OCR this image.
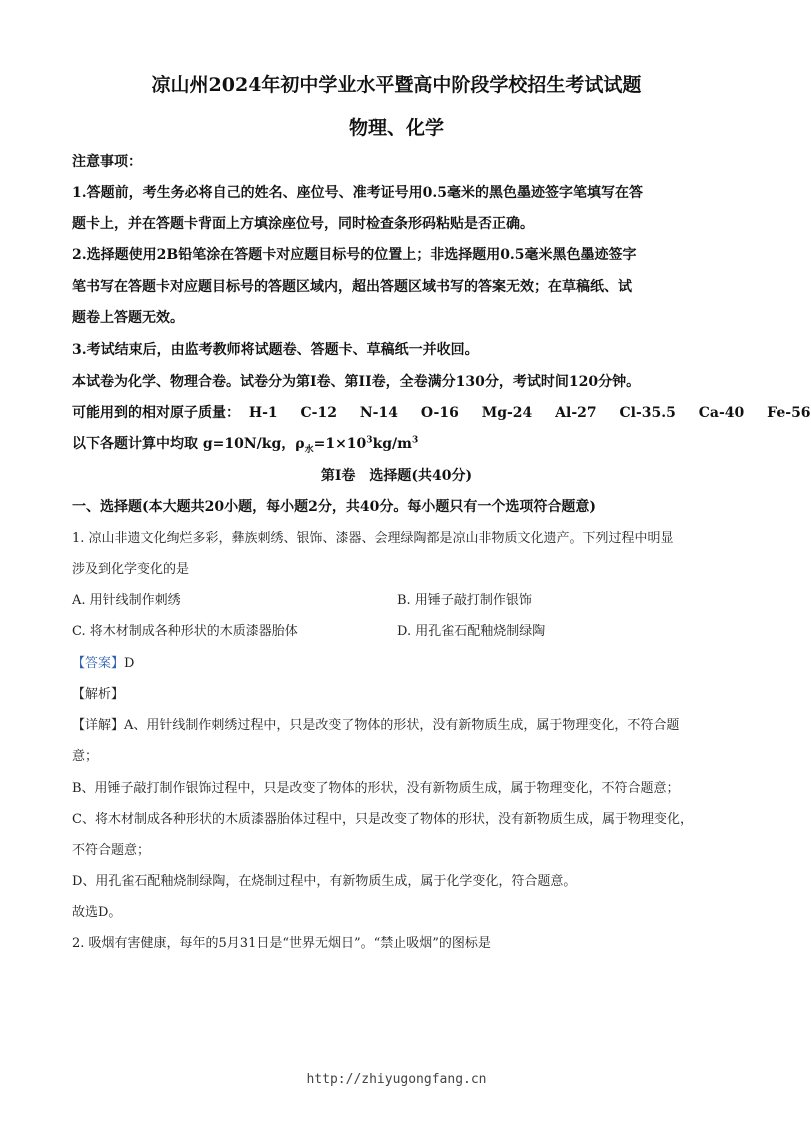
凉山州2024年初中学业水平暨高中阶段学校招生考试试题
物理、化学
注意事项：
1.答题前，考生务必将自己的姓名、座位号、准考证号用0.5毫米的黑色墨迹签字笔填写在答
题卡上，并在答题卡背面上方填涂座位号，同时检查条形码粘贴是否正确。
2.选择题使用2B铅笔涂在答题卡对应题目标号的位置上；非选择题用0.5毫米黑色墨迹签字
笔书写在答题卡对应题目标号的答题区域内，超出答题区域书写的答案无效；在草稿纸、试
题卷上答题无效。
3.考试结束后，由监考教师将试题卷、答题卡、草稿纸一并收回。
本试卷为化学、物理合卷。试卷分为第I卷、第II卷，全卷满分130分，考试时间120分钟。
可能用到的相对原子质量： H-1 C-12 N-14 O-16 Mg-24 Al-27 Cl-35.5 Ca-40 Fe-56
以下各题计算中均取 g=10N/kg，$\rho_水=1\times 10^3kg/m^3$
第I卷　选择题(共40分)
一、选择题(本大题共20小题，每小题2分，共40分。每小题只有一个选项符合题意)
1. 凉山非遗文化绚烂多彩，彝族刺绣、银饰、漆器、会理绿陶都是凉山非物质文化遗产。下列过程中明显
涉及到化学变化的是
A. 用针线制作刺绣	B. 用锤子敲打制作银饰
C. 将木材制成各种形状的木质漆器胎体	D. 用孔雀石配釉烧制绿陶
【答案】D
【解析】
【详解】A、用针线制作刺绣过程中，只是改变了物体的形状，没有新物质生成，属于物理变化，不符合题
意；
B、用锤子敲打制作银饰过程中，只是改变了物体的形状，没有新物质生成，属于物理变化，不符合题意；
C、将木材制成各种形状的木质漆器胎体过程中，只是改变了物体的形状，没有新物质生成，属于物理变化，
不符合题意；
D、用孔雀石配釉烧制绿陶，在烧制过程中，有新物质生成，属于化学变化，符合题意。
故选D。
2. 吸烟有害健康，每年的5月31日是“世界无烟日”。“禁止吸烟”的图标是
http://zhiyugongfang.cn
